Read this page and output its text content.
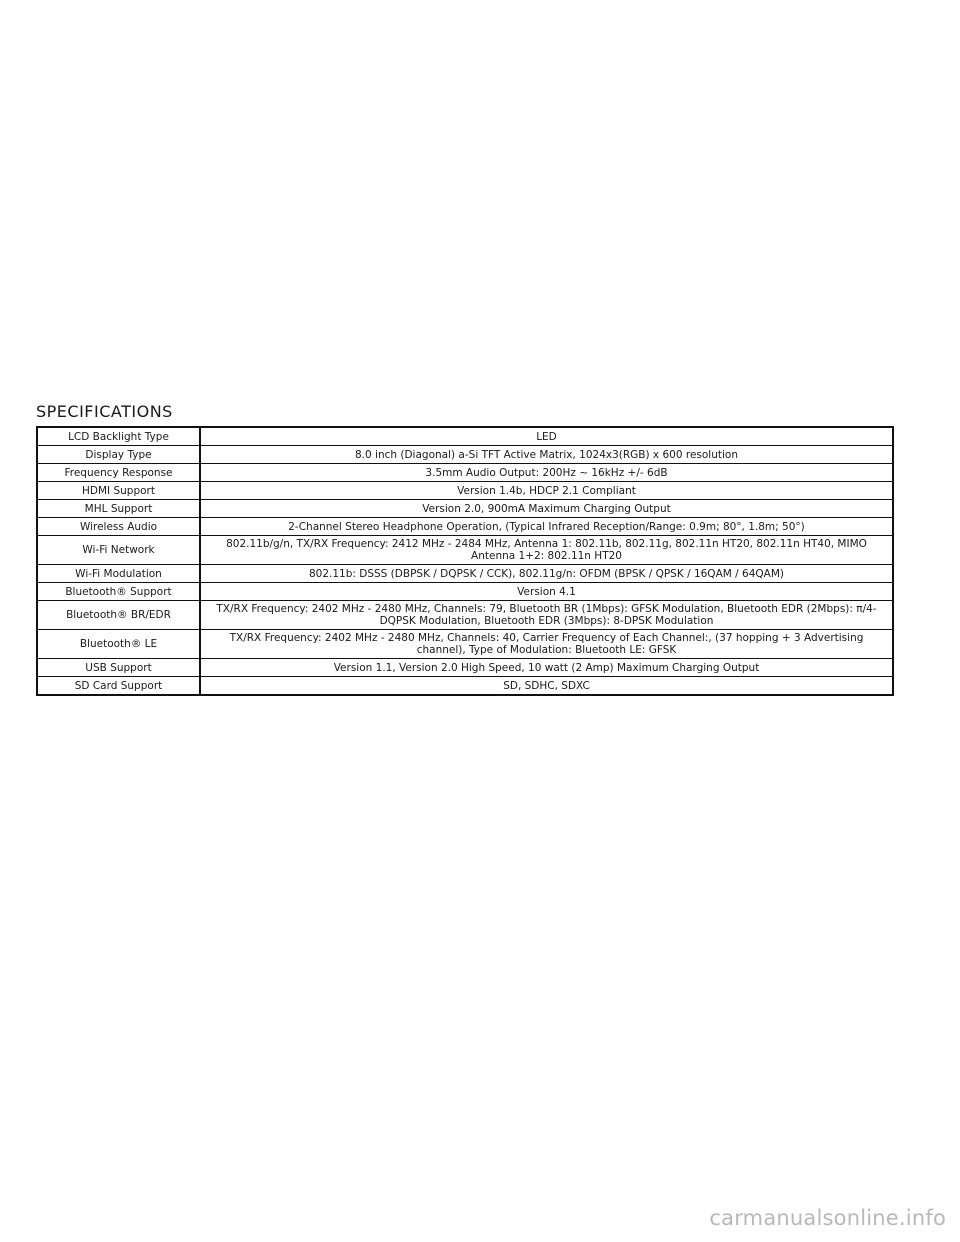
SPECIFICATIONS
LCD Backlight Type	LED
Display Type	8.0 inch (Diagonal) a-Si TFT Active Matrix, 1024x3(RGB) x 600 resolution
Frequency Response	3.5mm Audio Output: 200Hz ~ 16kHz +/- 6dB
HDMI Support	Version 1.4b, HDCP 2.1 Compliant
MHL Support	Version 2.0, 900mA Maximum Charging Output
Wireless Audio	2-Channel Stereo Headphone Operation, (Typical Infrared Reception/Range: 0.9m; 80°, 1.8m; 50°)
Wi-Fi Network	802.11b/g/n, TX/RX Frequency: 2412 MHz - 2484 MHz, Antenna 1: 802.11b, 802.11g, 802.11n HT20, 802.11n HT40, MIMO Antenna 1+2: 802.11n HT20
Wi-Fi Modulation	802.11b: DSSS (DBPSK / DQPSK / CCK), 802.11g/n: OFDM (BPSK / QPSK / 16QAM / 64QAM)
Bluetooth® Support	Version 4.1
Bluetooth® BR/EDR	TX/RX Frequency: 2402 MHz - 2480 MHz, Channels: 79, Bluetooth BR (1Mbps): GFSK Modulation, Bluetooth EDR (2Mbps): π/4-DQPSK Modulation, Bluetooth EDR (3Mbps): 8-DPSK Modulation
Bluetooth® LE	TX/RX Frequency: 2402 MHz - 2480 MHz, Channels: 40, Carrier Frequency of Each Channel:, (37 hopping + 3 Advertising channel), Type of Modulation: Bluetooth LE: GFSK
USB Support	Version 1.1, Version 2.0 High Speed, 10 watt (2 Amp) Maximum Charging Output
SD Card Support	SD, SDHC, SDXC
carmanualsonline.info
